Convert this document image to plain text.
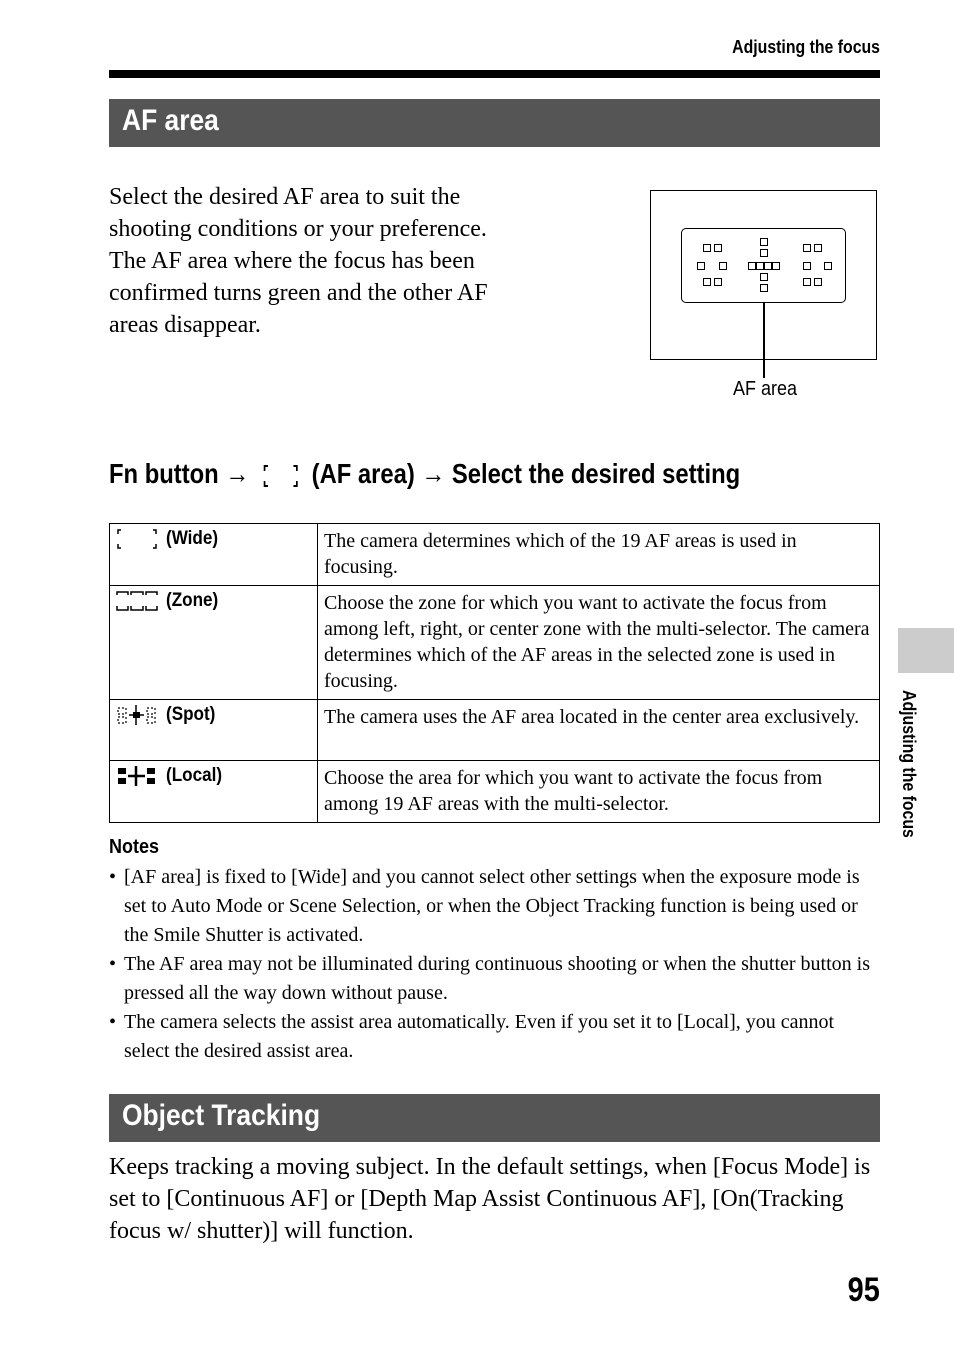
Adjusting the focus
AF area
Select the desired AF area to suit the shooting conditions or your preference. The AF area where the focus has been confirmed turns green and the other AF areas disappear.
AF area
Fn button → (AF area) → Select the desired setting
(Wide)	The camera determines which of the 19 AF areas is used in focusing.
(Zone)	Choose the zone for which you want to activate the focus from among left, right, or center zone with the multi-selector. The camera determines which of the AF areas in the selected zone is used in focusing.
(Spot)	The camera uses the AF area located in the center area exclusively.
(Local)	Choose the area for which you want to activate the focus from among 19 AF areas with the multi-selector.
Notes
• [AF area] is fixed to [Wide] and you cannot select other settings when the exposure mode is set to Auto Mode or Scene Selection, or when the Object Tracking function is being used or the Smile Shutter is activated.
• The AF area may not be illuminated during continuous shooting or when the shutter button is pressed all the way down without pause.
• The camera selects the assist area automatically. Even if you set it to [Local], you cannot select the desired assist area.
Object Tracking
Keeps tracking a moving subject. In the default settings, when [Focus Mode] is set to [Continuous AF] or [Depth Map Assist Continuous AF], [On(Tracking focus w/ shutter)] will function.
Adjusting the focus
95
